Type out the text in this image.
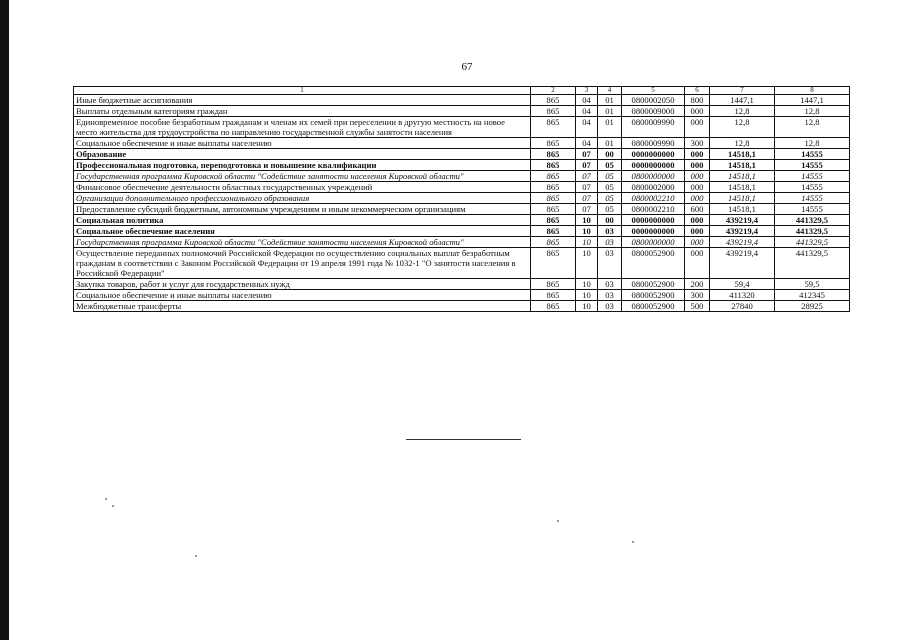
67
1	2	3	4	5	6	7	8
Иные бюджетные ассигнования	865	04	01	0800002050	800	1447,1	1447,1
Выплаты отдельным категориям граждан	865	04	01	0800009000	000	12,8	12,8
Единовременное пособие безработным гражданам и членам их семей при переселении в другую местность на новое место жительства для трудоустройства по направлению государственной службы занятости населения	865	04	01	0800009990	000	12,8	12,8
Социальное обеспечение и иные выплаты населению	865	04	01	0800009990	300	12,8	12,8
Образование	865	07	00	0000000000	000	14518,1	14555
Профессиональная подготовка, переподготовка и повышение квалификации	865	07	05	0000000000	000	14518,1	14555
Государственная программа Кировской области "Содействие занятости населения Кировской области"	865	07	05	0800000000	000	14518,1	14555
Финансовое обеспечение деятельности областных государственных учреждений	865	07	05	0800002000	000	14518,1	14555
Организации дополнительного профессионального образования	865	07	05	0800002210	000	14518,1	14555
Предоставление субсидий бюджетным, автономным учреждениям и иным некоммерческим организациям	865	07	05	0800002210	600	14518,1	14555
Социальная политика	865	10	00	0000000000	000	439219,4	441329,5
Социальное обеспечение населения	865	10	03	0000000000	000	439219,4	441329,5
Государственная программа Кировской области "Содействие занятости населения Кировской области"	865	10	03	0800000000	000	439219,4	441329,5
Осуществление переданных полномочий Российской Федерации по осуществлению социальных выплат безработным гражданам в соответствии с Законом Российской Федерации от 19 апреля 1991 года № 1032-1 "О занятости населения в Российской Федерации"	865	10	03	0800052900	000	439219,4	441329,5
Закупка товаров, работ и услуг для государственных нужд	865	10	03	0800052900	200	59,4	59,5
Социальное обеспечение и иные выплаты населению	865	10	03	0800052900	300	411320	412345
Межбюджетные трансферты	865	10	03	0800052900	500	27840	28925
